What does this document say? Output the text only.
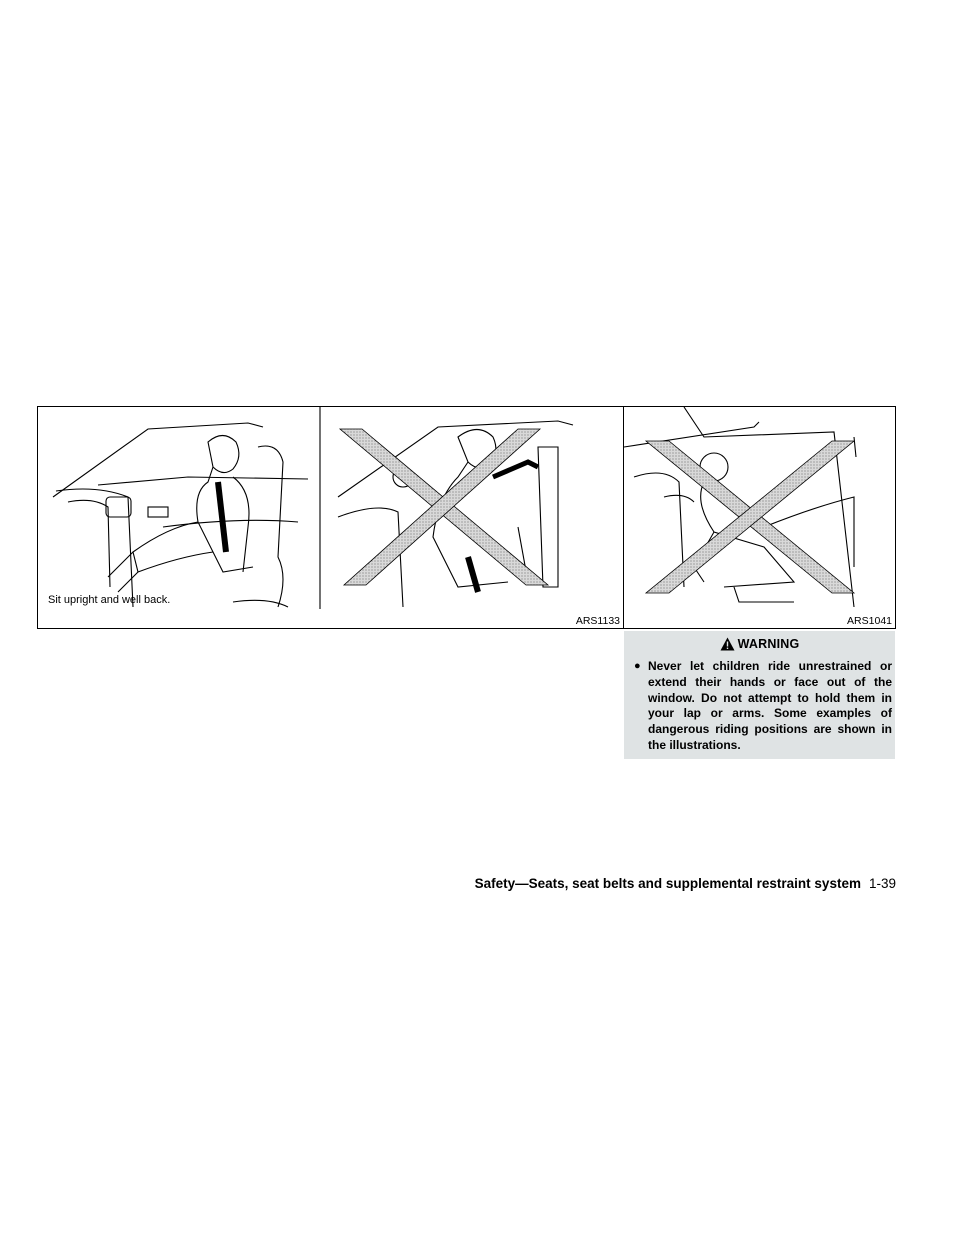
Sit upright and well back.
ARS1133	ARS1041
WARNING
● Never let children ride unrestrained or extend their hands or face out of the window. Do not attempt to hold them in your lap or arms. Some examples of dangerous riding positions are shown in the illustrations.
Safety—Seats, seat belts and supplemental restraint system 1-39
